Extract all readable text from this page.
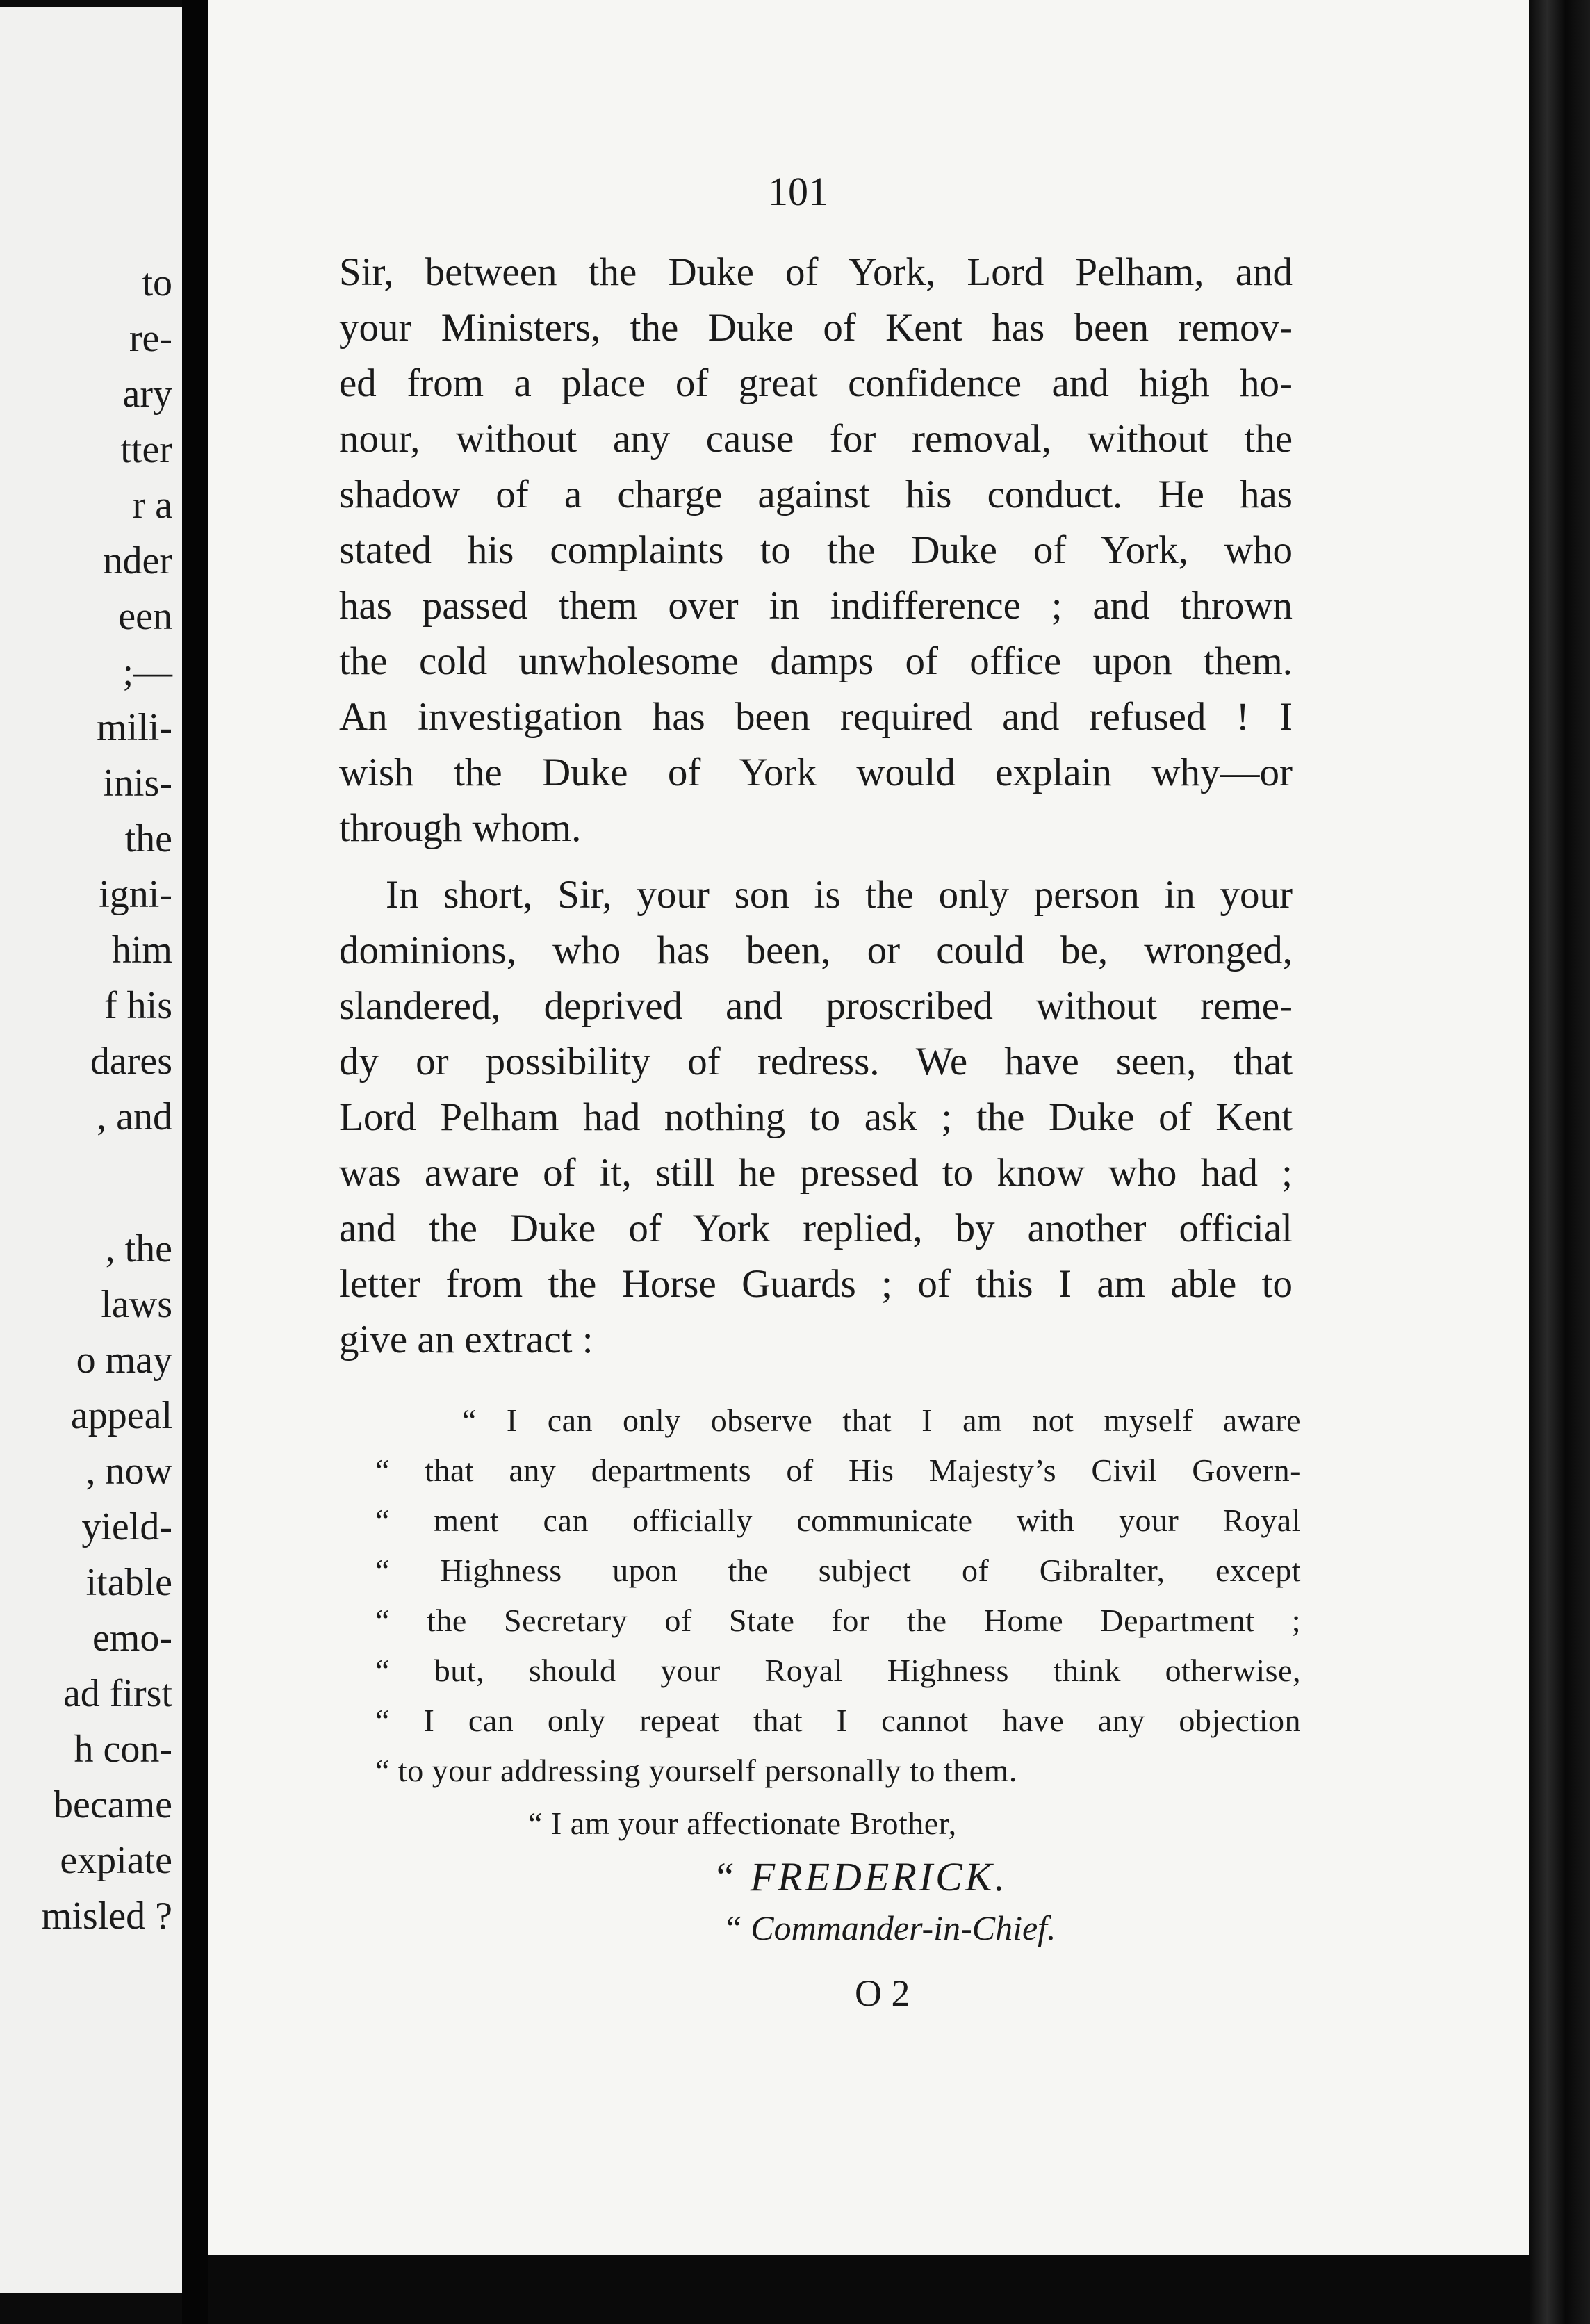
to
re-
ary
tter
r a
nder
een
;—
mili-
inis-
the
igni-
him
f his
dares
, and
, the
laws
o may
appeal
, now
yield-
itable
emo-
ad first
h con-
became
expiate
misled ?
101
Sir, between the Duke of York, Lord Pelham, and
your Ministers, the Duke of Kent has been remov-
ed from a place of great confidence and high ho-
nour, without any cause for removal, without the
shadow of a charge against his conduct. He has
stated his complaints to the Duke of York, who
has passed them over in indifference ; and thrown
the cold unwholesome damps of office upon them.
An investigation has been required and refused ! I
wish the Duke of York would explain why—or
through whom.
In short, Sir, your son is the only person in your
dominions, who has been, or could be, wronged,
slandered, deprived and proscribed without reme-
dy or possibility of redress. We have seen, that
Lord Pelham had nothing to ask ; the Duke of Kent
was aware of it, still he pressed to know who had ;
and the Duke of York replied, by another official
letter from the Horse Guards ; of this I am able to
give an extract :
“ I can only observe that I am not myself aware
“ that any departments of His Majesty’s Civil Govern-
“ ment can officially communicate with your Royal
“ Highness upon the subject of Gibralter, except
“ the Secretary of State for the Home Department ;
“ but, should your Royal Highness think otherwise,
“ I can only repeat that I cannot have any objection
“ to your addressing yourself personally to them.
“ I am your affectionate Brother,
“ FREDERICK.
“ Commander-in-Chief.
O 2
